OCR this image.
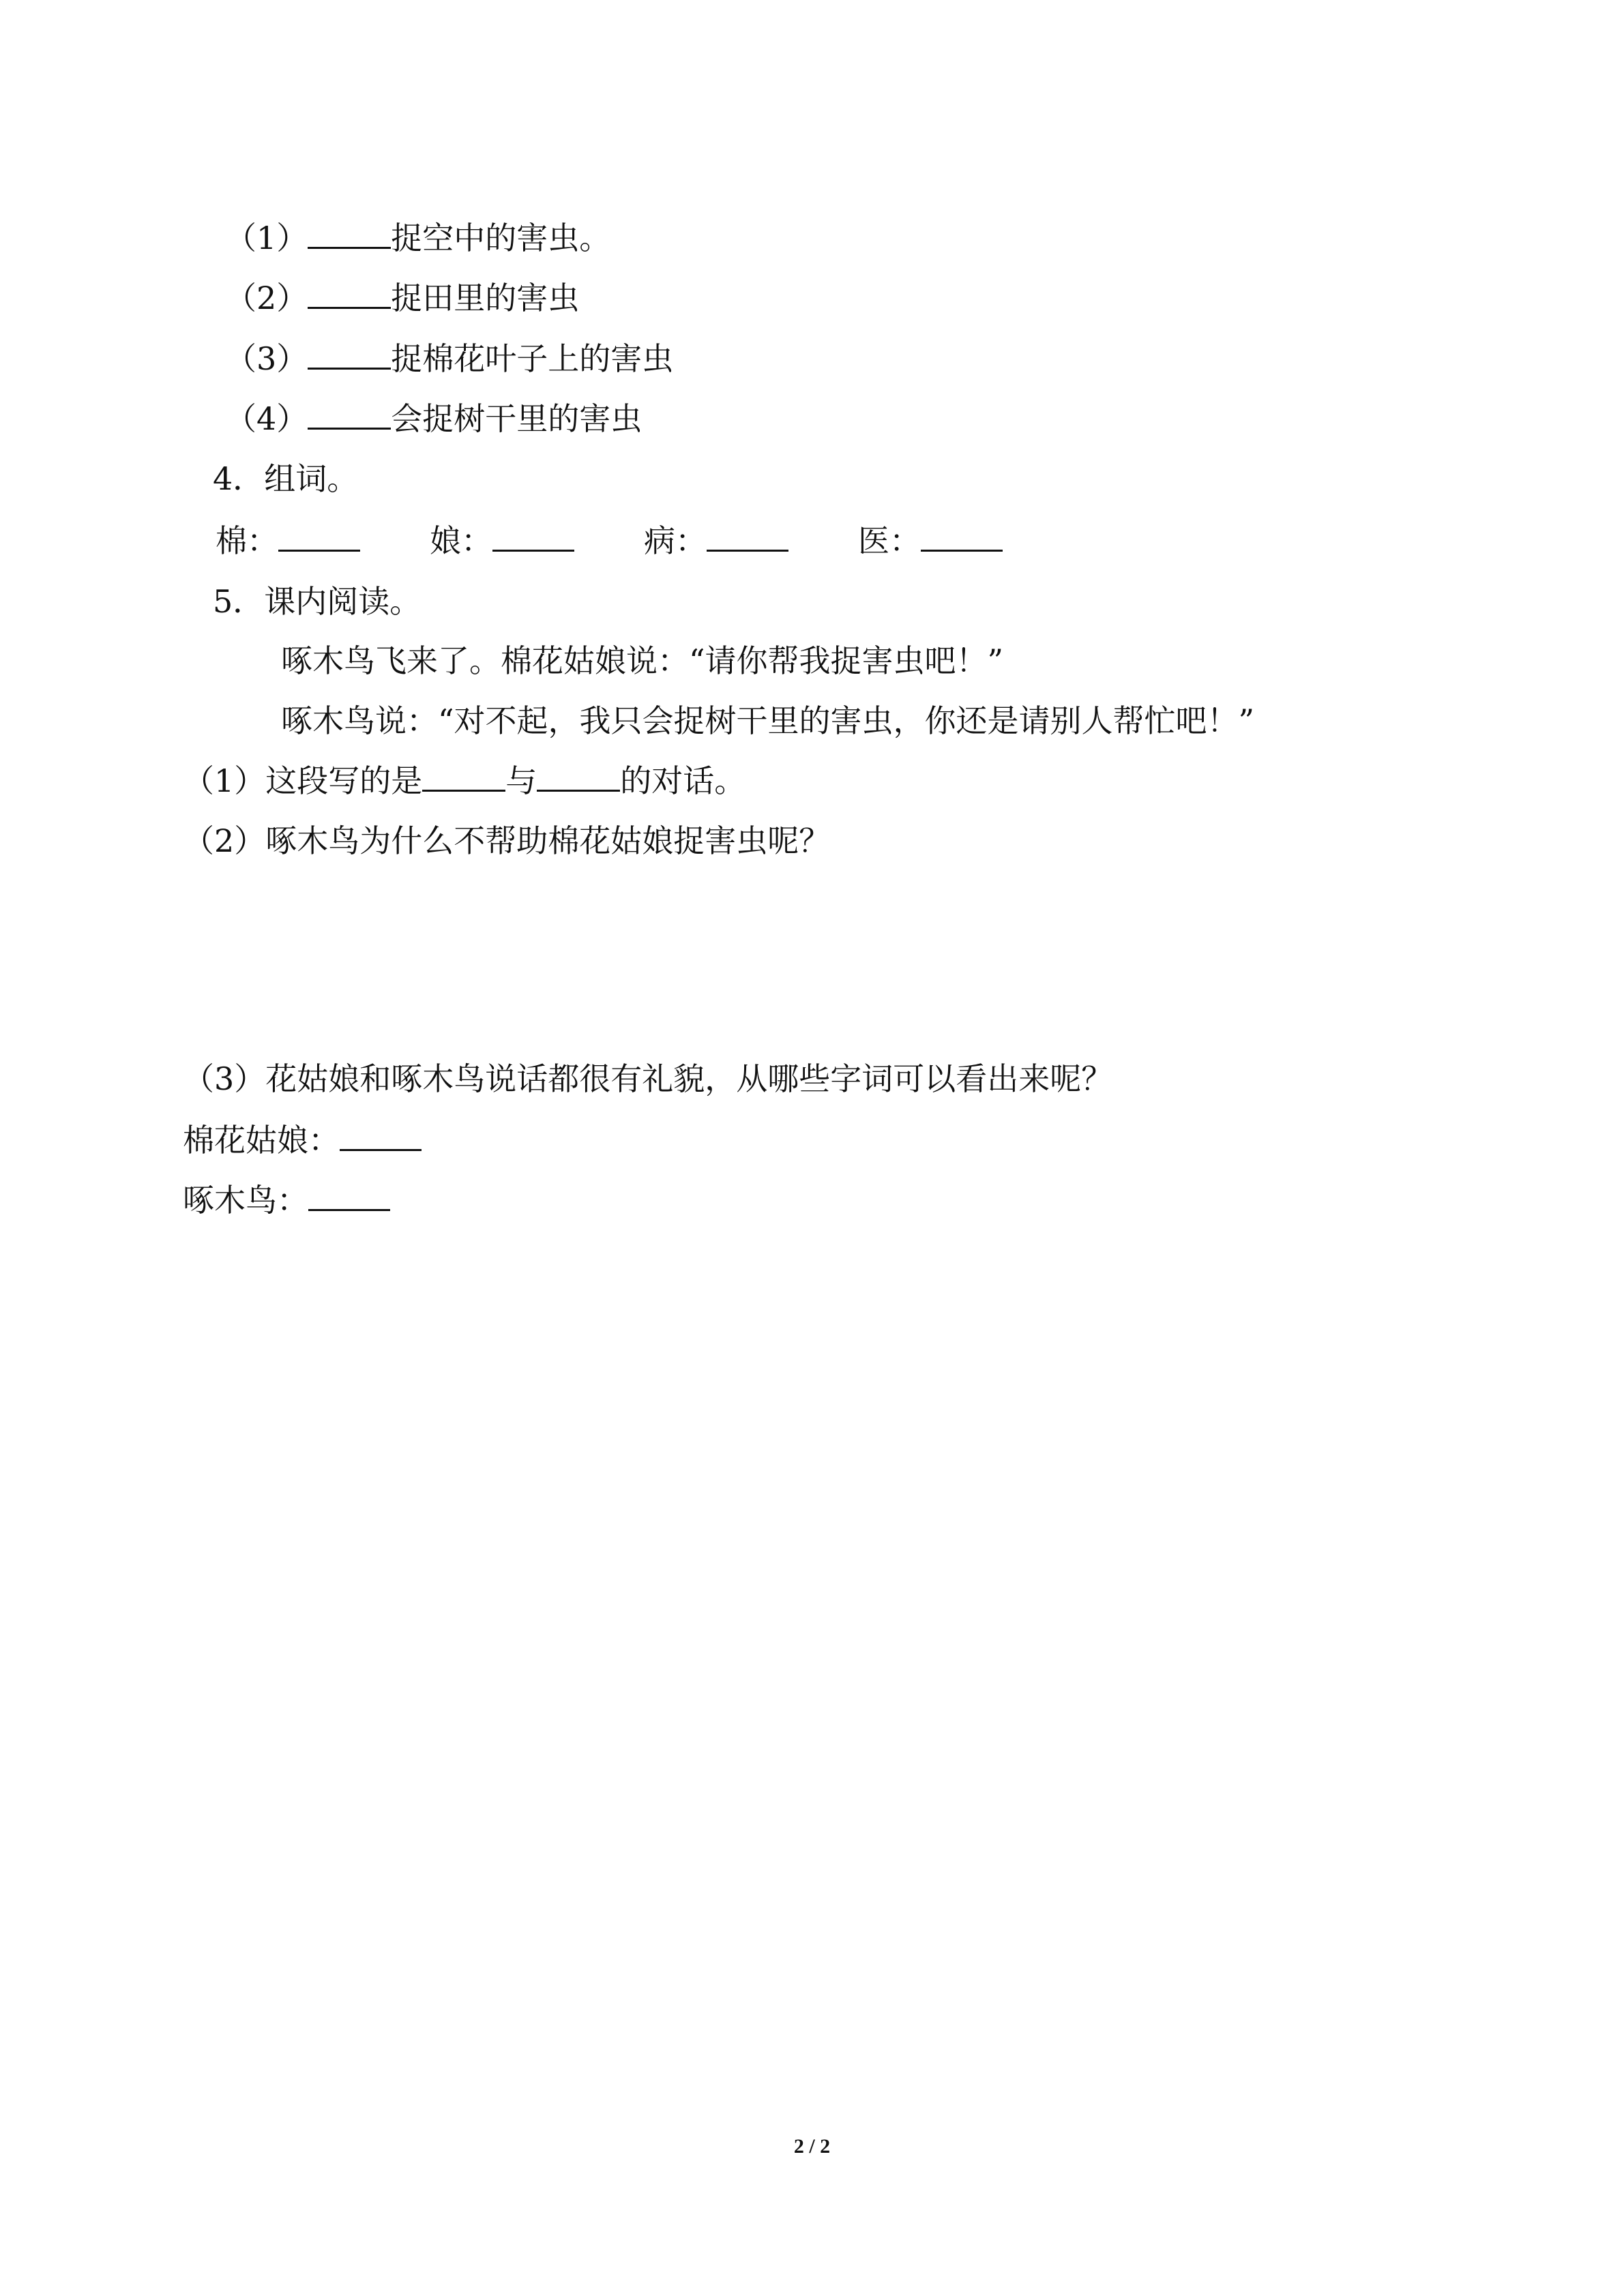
（1）	捉空中的害虫。
（2）	捉田里的害虫
（3）	捉棉花叶子上的害虫
（4）	会捉树干里的害虫
4．组词。
棉：	娘：	病：	医：
5．课内阅读。
啄木鸟飞来了。棉花姑娘说：“请你帮我捉害虫吧！”
啄木鸟说：“对不起，我只会捉树干里的害虫，你还是请别人帮忙吧！”
（1）这段写的是	与	的对话。
（2）啄木鸟为什么不帮助棉花姑娘捉害虫呢？
（3）花姑娘和啄木鸟说话都很有礼貌，从哪些字词可以看出来呢？
棉花姑娘：
啄木鸟：
2 / 2
